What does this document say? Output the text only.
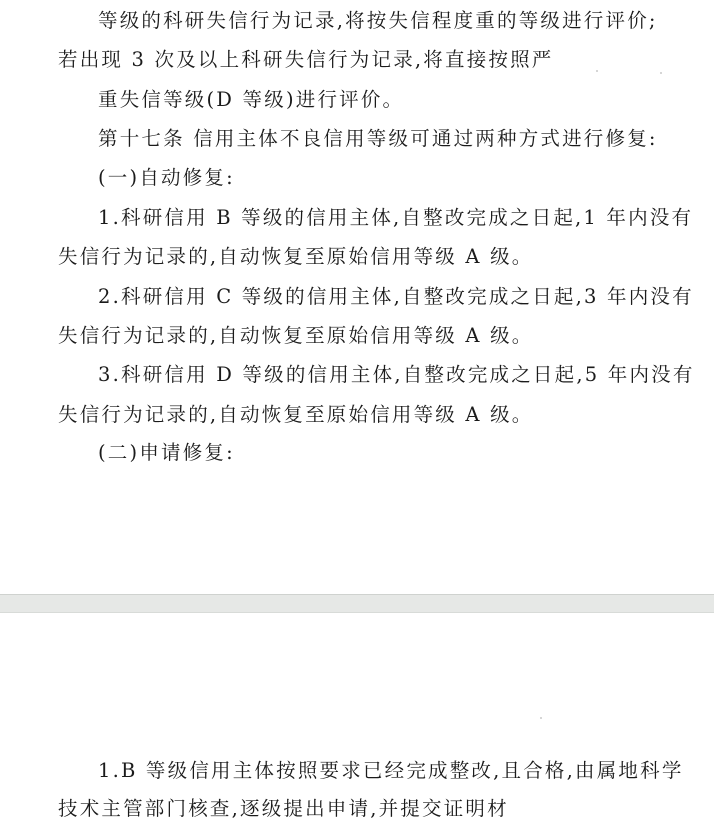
等级的科研失信行为记录,将按失信程度重的等级进行评价;
若出现 3 次及以上科研失信行为记录,将直接按照严
重失信等级(D 等级)进行评价。
第十七条 信用主体不良信用等级可通过两种方式进行修复:
(一)自动修复:
1.科研信用 B 等级的信用主体,自整改完成之日起,1 年内没有
失信行为记录的,自动恢复至原始信用等级 A 级。
2.科研信用 C 等级的信用主体,自整改完成之日起,3 年内没有
失信行为记录的,自动恢复至原始信用等级 A 级。
3.科研信用 D 等级的信用主体,自整改完成之日起,5 年内没有
失信行为记录的,自动恢复至原始信用等级 A 级。
(二)申请修复:
1.B 等级信用主体按照要求已经完成整改,且合格,由属地科学
技术主管部门核查,逐级提出申请,并提交证明材
